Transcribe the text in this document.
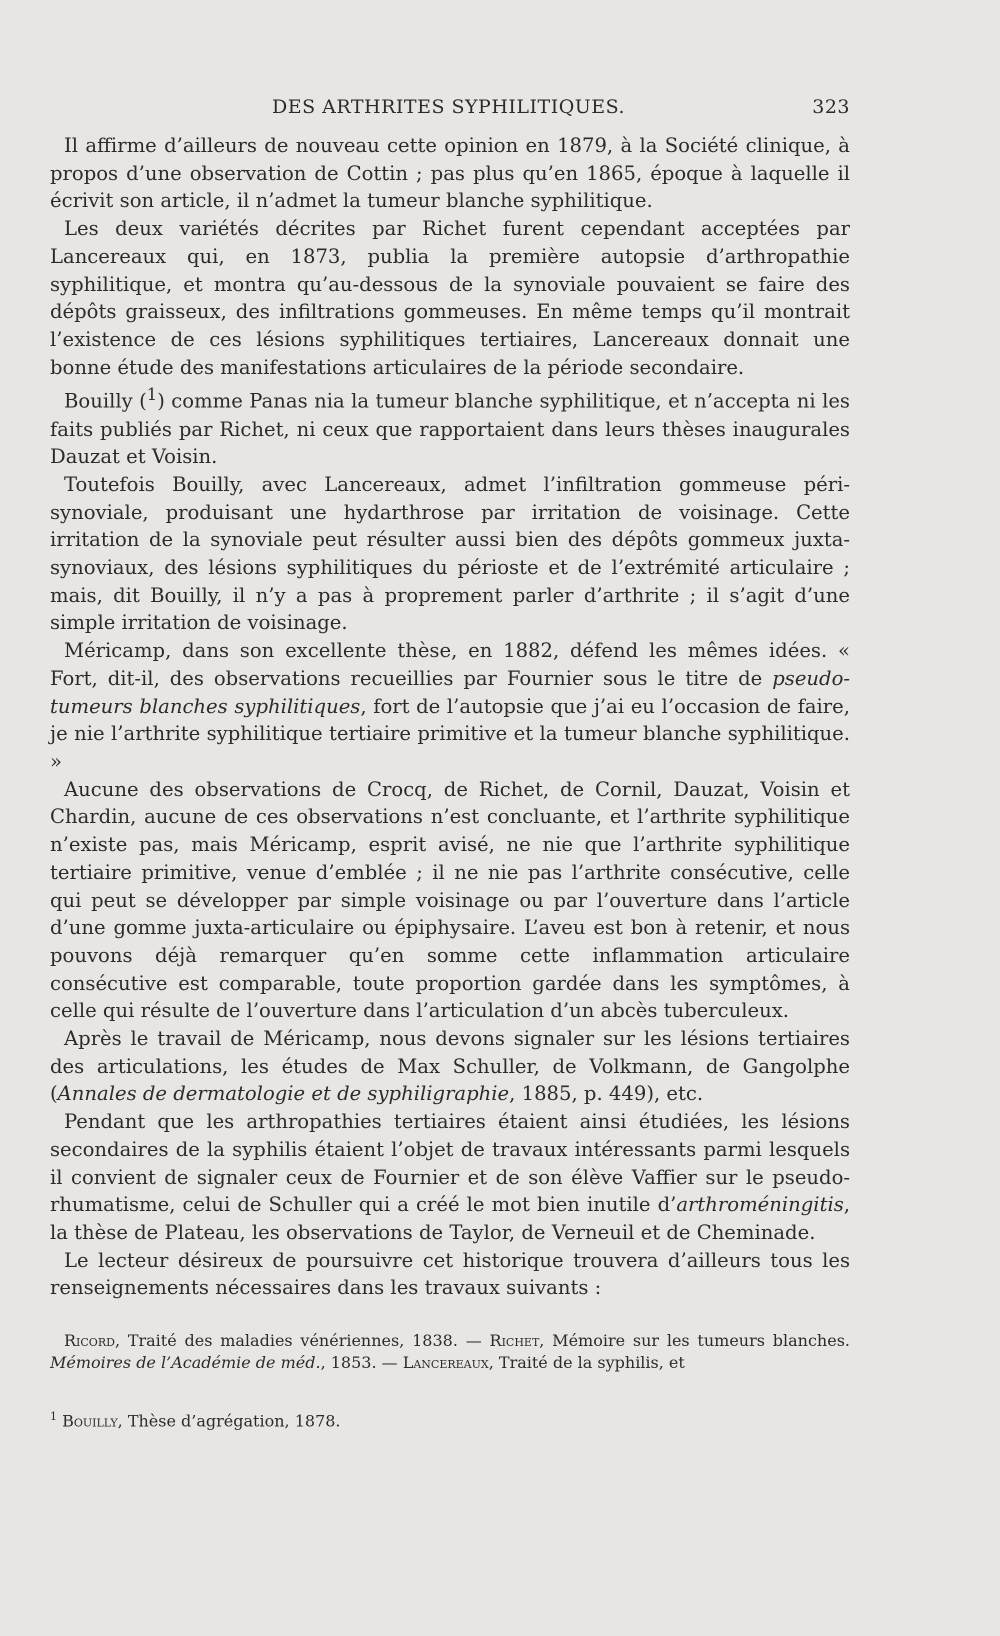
DES ARTHRITES SYPHILITIQUES.	323

Il affirme d’ailleurs de nouveau cette opinion en 1879, à la Société clinique, à propos d’une observation de Cottin ; pas plus qu’en 1865, époque à laquelle il écrivit son article, il n’admet la tumeur blanche syphilitique.

Les deux variétés décrites par Richet furent cependant acceptées par Lancereaux qui, en 1873, publia la première autopsie d’arthropathie syphilitique, et montra qu’au-dessous de la synoviale pouvaient se faire des dépôts graisseux, des infiltrations gommeuses. En même temps qu’il montrait l’existence de ces lésions syphilitiques tertiaires, Lancereaux donnait une bonne étude des manifestations articulaires de la période secondaire.

Bouilly ($^1$) comme Panas nia la tumeur blanche syphilitique, et n’accepta ni les faits publiés par Richet, ni ceux que rapportaient dans leurs thèses inaugurales Dauzat et Voisin.

Toutefois Bouilly, avec Lancereaux, admet l’infiltration gommeuse péri-synoviale, produisant une hydarthrose par irritation de voisinage. Cette irritation de la synoviale peut résulter aussi bien des dépôts gommeux juxta-synoviaux, des lésions syphilitiques du périoste et de l’extrémité articulaire ; mais, dit Bouilly, il n’y a pas à proprement parler d’arthrite ; il s’agit d’une simple irritation de voisinage.

Méricamp, dans son excellente thèse, en 1882, défend les mêmes idées. « Fort, dit-il, des observations recueillies par Fournier sous le titre de pseudo-tumeurs blanches syphilitiques, fort de l’autopsie que j’ai eu l’occasion de faire, je nie l’arthrite syphilitique tertiaire primitive et la tumeur blanche syphilitique. »

Aucune des observations de Crocq, de Richet, de Cornil, Dauzat, Voisin et Chardin, aucune de ces observations n’est concluante, et l’arthrite syphilitique n’existe pas, mais Méricamp, esprit avisé, ne nie que l’arthrite syphilitique tertiaire primitive, venue d’emblée ; il ne nie pas l’arthrite consécutive, celle qui peut se développer par simple voisinage ou par l’ouverture dans l’article d’une gomme juxta-articulaire ou épiphysaire. L’aveu est bon à retenir, et nous pouvons déjà remarquer qu’en somme cette inflammation articulaire consécutive est comparable, toute proportion gardée dans les symptômes, à celle qui résulte de l’ouverture dans l’articulation d’un abcès tuberculeux.

Après le travail de Méricamp, nous devons signaler sur les lésions tertiaires des articulations, les études de Max Schuller, de Volkmann, de Gangolphe (Annales de dermatologie et de syphiligraphie, 1885, p. 449), etc.

Pendant que les arthropathies tertiaires étaient ainsi étudiées, les lésions secondaires de la syphilis étaient l’objet de travaux intéressants parmi lesquels il convient de signaler ceux de Fournier et de son élève Vaffier sur le pseudo-rhumatisme, celui de Schuller qui a créé le mot bien inutile d’arthroméningitis, la thèse de Plateau, les observations de Taylor, de Verneuil et de Cheminade.

Le lecteur désireux de poursuivre cet historique trouvera d’ailleurs tous les renseignements nécessaires dans les travaux suivants :

Ricord, Traité des maladies vénériennes, 1838. — Richet, Mémoire sur les tumeurs blanches. Mémoires de l’Académie de méd., 1853. — Lancereaux, Traité de la syphilis, et

$^1$ Bouilly, Thèse d’agrégation, 1878.
